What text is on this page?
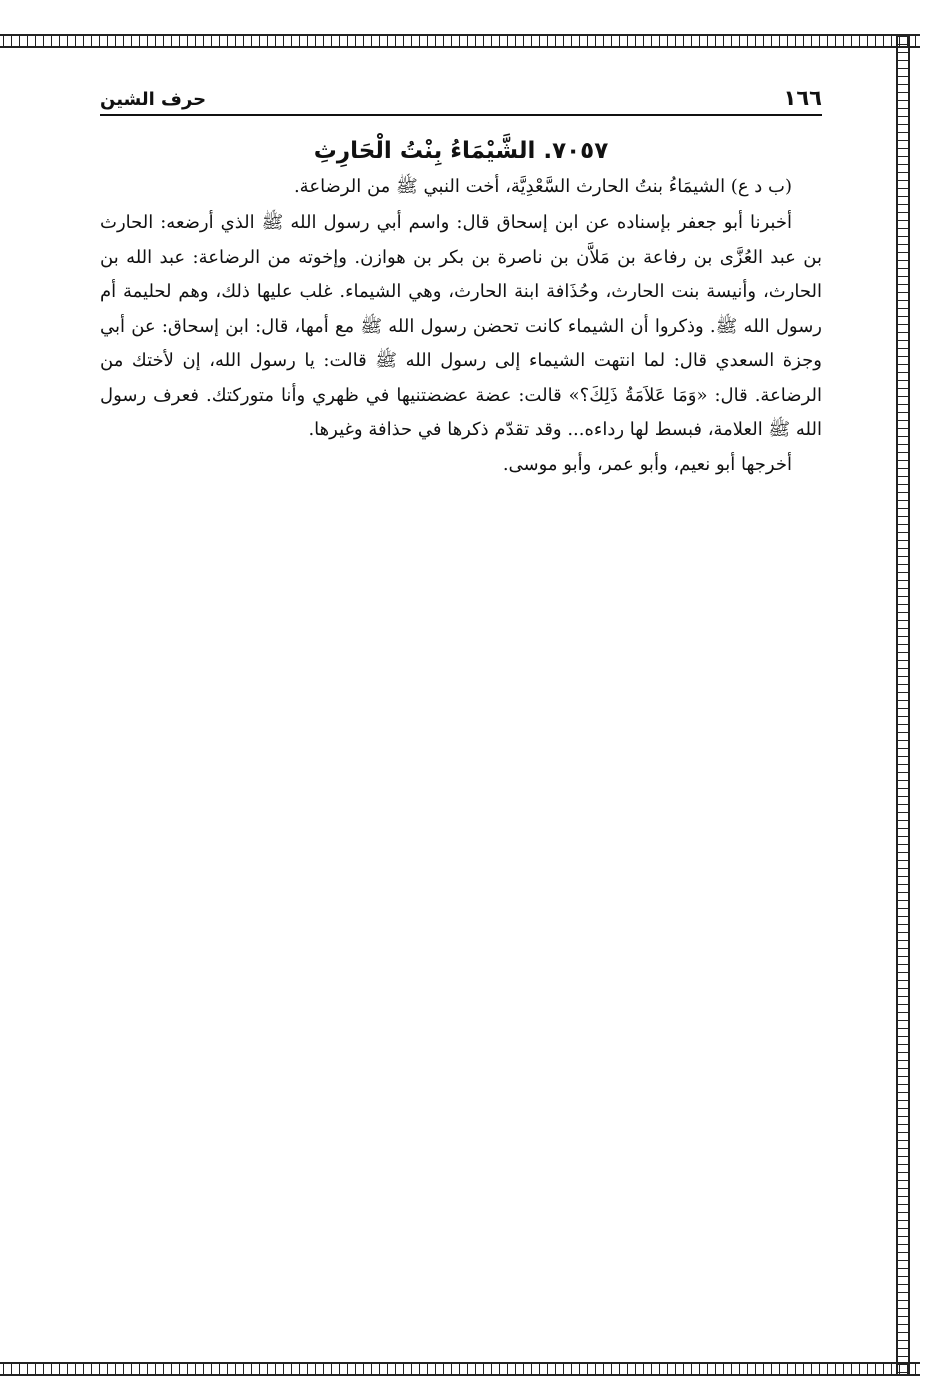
١٦٦
حرف الشين
٧٠٥٧. الشَّيْمَاءُ بِنْتُ الْحَارِثِ
(ب د ع) الشيمَاءُ بنتُ الحارث السَّعْدِيَّة، أخت النبي ﷺ من الرضاعة.

أخبرنا أبو جعفر بإسناده عن ابن إسحاق قال: واسم أبي رسول الله ﷺ الذي أرضعه: الحارث بن عبد العُزَّى بن رفاعة بن مَلاَّن بن ناصرة بن بكر بن هوازن. وإخوته من الرضاعة: عبد الله بن الحارث، وأنيسة بنت الحارث، وحُذَافة ابنة الحارث، وهي الشيماء. غلب عليها ذلك، وهم لحليمة أم رسول الله ﷺ. وذكروا أن الشيماء كانت تحضن رسول الله ﷺ مع أمها، قال: ابن إسحاق: عن أبي وجزة السعدي قال: لما انتهت الشيماء إلى رسول الله ﷺ قالت: يا رسول الله، إن لأختك من الرضاعة. قال: «وَمَا عَلاَمَةُ ذَلِكَ؟» قالت: عضة عضضتنيها في ظهري وأنا متوركتك. فعرف رسول الله ﷺ العلامة، فبسط لها رداءه... وقد تقدّم ذكرها في حذافة وغيرها.

أخرجها أبو نعيم، وأبو عمر، وأبو موسى.
